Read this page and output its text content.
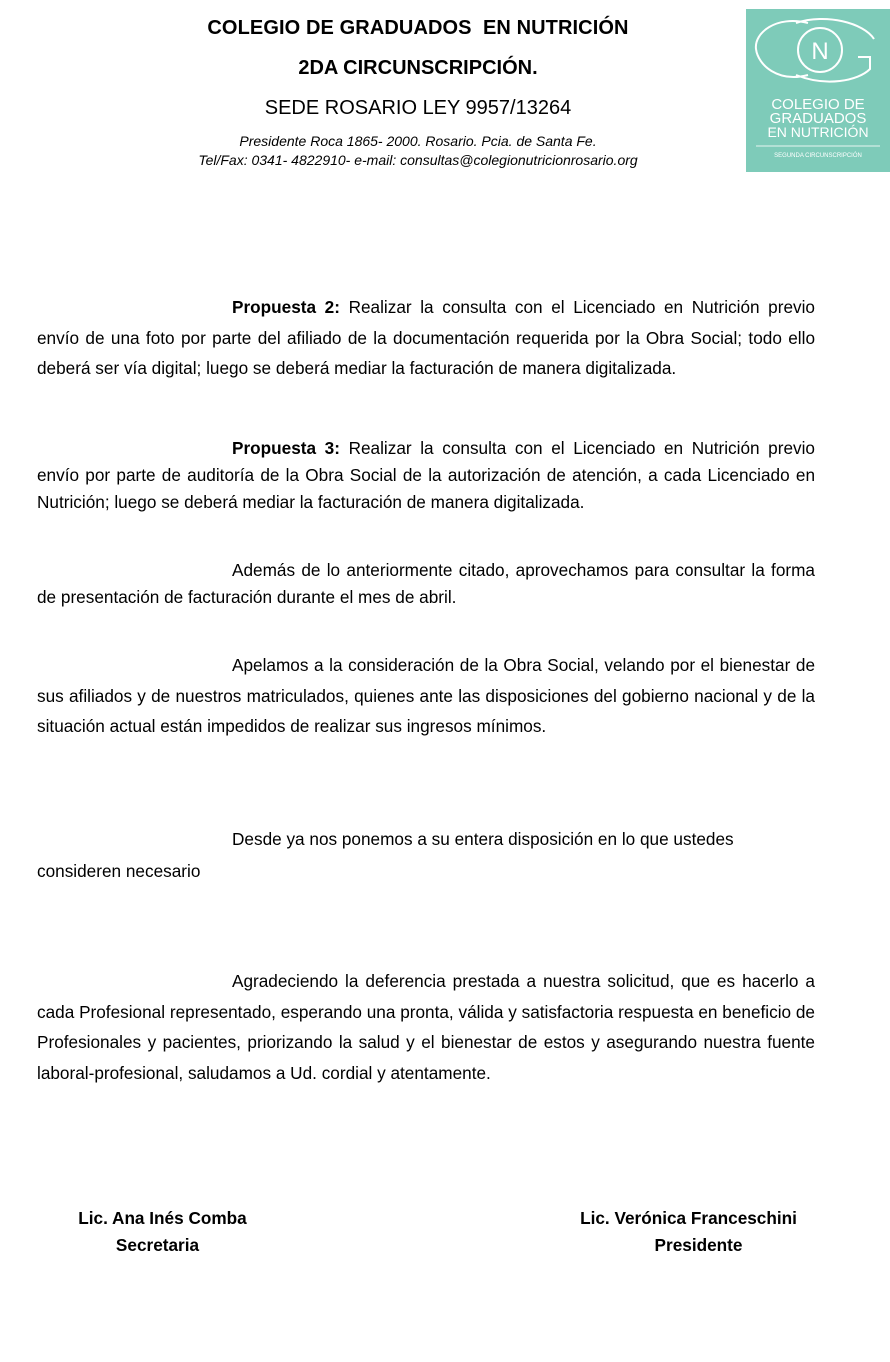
COLEGIO DE GRADUADOS  EN NUTRICIÓN
2DA CIRCUNSCRIPCIÓN.
SEDE ROSARIO LEY 9957/13264
Presidente Roca 1865- 2000. Rosario. Pcia. de Santa Fe.
Tel/Fax: 0341- 4822910- e-mail: consultas@colegionutricionrosario.org
N
COLEGIO DE
GRADUADOS
EN NUTRICIÓN
SEGUNDA CIRCUNSCRIPCIÓN

Propuesta 2: Realizar la consulta con el Licenciado en Nutrición previo envío de una foto por parte del afiliado de la documentación requerida por la Obra Social; todo ello deberá ser vía digital; luego se deberá mediar la facturación de manera digitalizada.

Propuesta 3: Realizar la consulta con el Licenciado en Nutrición previo envío por parte de auditoría de la Obra Social de la autorización de atención, a cada Licenciado en Nutrición; luego se deberá mediar la facturación de manera digitalizada.

Además de lo anteriormente citado, aprovechamos para consultar la forma de presentación de facturación durante el mes de abril.

Apelamos a la consideración de la Obra Social, velando por el bienestar de sus afiliados y de nuestros matriculados, quienes ante las disposiciones del gobierno nacional y de la situación actual están impedidos de realizar sus ingresos mínimos.

Desde ya nos ponemos a su entera disposición en lo que ustedes consideren necesario

Agradeciendo la deferencia prestada a nuestra solicitud, que es hacerlo a cada Profesional representado, esperando una pronta, válida y satisfactoria respuesta en beneficio de Profesionales y pacientes, priorizando la salud y el bienestar de estos y asegurando nuestra fuente laboral-profesional, saludamos a Ud. cordial y atentamente.

Lic. Ana Inés Comba
Secretaria
Lic. Verónica Franceschini
Presidente
